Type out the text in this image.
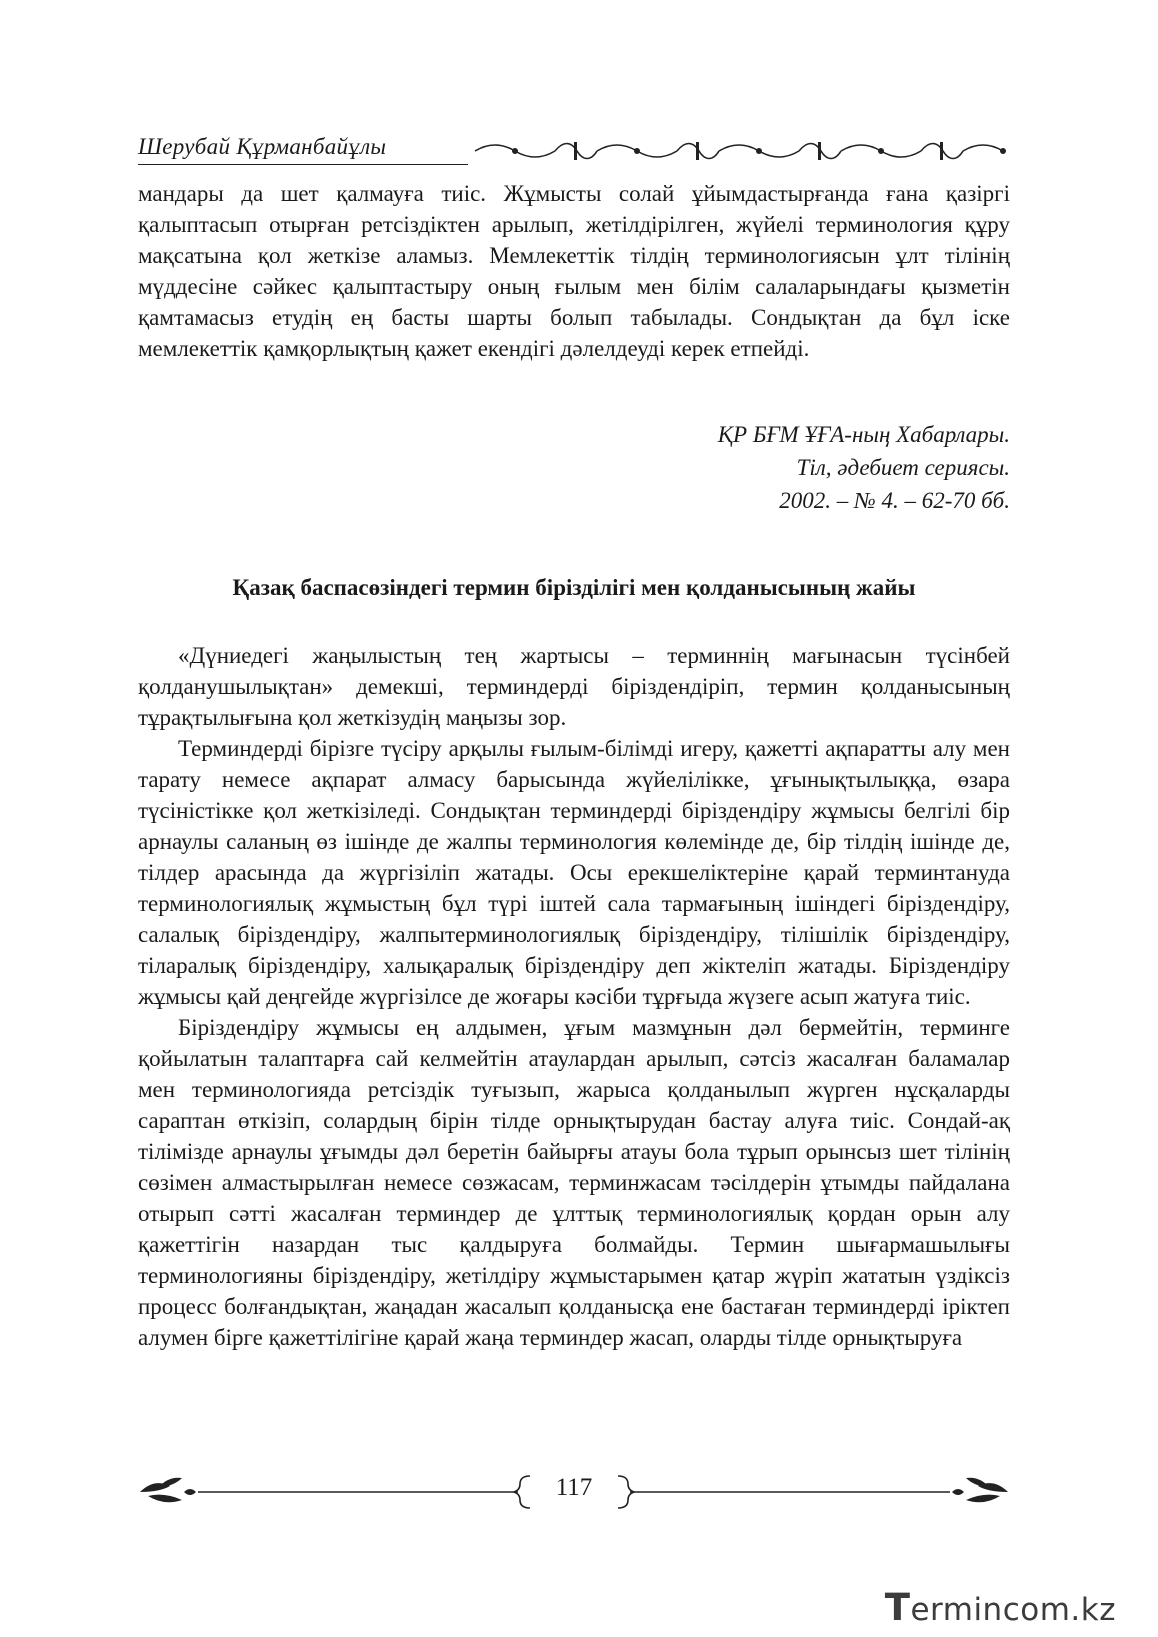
Шерубай Құрманбайұлы

мандары да шет қалмауға тиіс. Жұмысты солай ұйымдастырғанда ғана қазіргі қалыптасып отырған ретсіздіктен арылып, жетілдірілген, жүйелі терминология құру мақсатына қол жеткізе аламыз. Мемлекеттік тілдің терминологиясын ұлт тілінің мүддесіне сәйкес қалыптастыру оның ғылым мен білім салаларындағы қызметін қамтамасыз етудің ең басты шарты болып табылады. Сондықтан да бұл іске мемлекеттік қамқорлықтың қажет екендігі дәлелдеуді керек етпейді.

ҚР БҒМ ҰҒА-ның Хабарлары.
Тіл, әдебиет сериясы.
2002. – № 4. – 62-70 бб.
Қазақ баспасөзіндегі термин біріздiлігі мен қолданысының жайы

«Дүниедегі жаңылыстың тең жартысы – терминнің мағынасын түсінбей қолданушылықтан» демекші, терминдерді біріздендіріп, термин қолданысының тұрақтылығына қол жеткізудің маңызы зор.

Терминдерді бірізге түсіру арқылы ғылым-білімді игеру, қажетті ақпаратты алу мен тарату немесе ақпарат алмасу барысында жүйелілікке, ұғынықтылыққа, өзара түсіністікке қол жеткізіледі. Сондықтан терминдерді біріздендіру жұмысы белгілі бір арнаулы саланың өз ішінде де жалпы терминология көлемінде де, бір тілдің ішінде де, тілдер арасында да жүргізіліп жатады. Осы ерекшеліктеріне қарай терминтануда терминологиялық жұмыстың бұл түрі іштей сала тармағының ішіндегі біріздендіру, салалық біріздендіру, жалпытерминологиялық біріздендіру, тілішілік біріздендіру, тіларалық біріздендіру, халықаралық біріздендіру деп жіктеліп жатады. Біріздендіру жұмысы қай деңгейде жүргізілсе де жоғары кәсіби тұрғыда жүзеге асып жатуға тиіс.

Біріздендіру жұмысы ең алдымен, ұғым мазмұнын дәл бермейтін, терминге қойылатын талаптарға сай келмейтін атаулардан арылып, сәтсіз жасалған баламалар мен терминологияда ретсіздік туғызып, жарыса қолданылып жүрген нұсқаларды сараптан өткізіп, солардың бірін тілде орнықтырудан бастау алуға тиіс. Сондай-ақ тілімізде арнаулы ұғымды дәл беретін байырғы атауы бола тұрып орынсыз шет тілінің сөзімен алмастырылған немесе сөзжасам, терминжасам тәсілдерін ұтымды пайдалана отырып сәтті жасалған терминдер де ұлттық терминологиялық қордан орын алу қажеттігін назардан тыс қалдыруға болмайды. Термин шығармашылығы терминологияны біріздендіру, жетілдіру жұмыстарымен қатар жүріп жататын үздіксіз процесс болғандықтан, жаңадан жасалып қолданысқа ене бастаған терминдерді іріктеп алумен бірге қажеттілігіне қарай жаңа терминдер жасап, оларды тілде орнықтыруға

117
Termincom.kz
